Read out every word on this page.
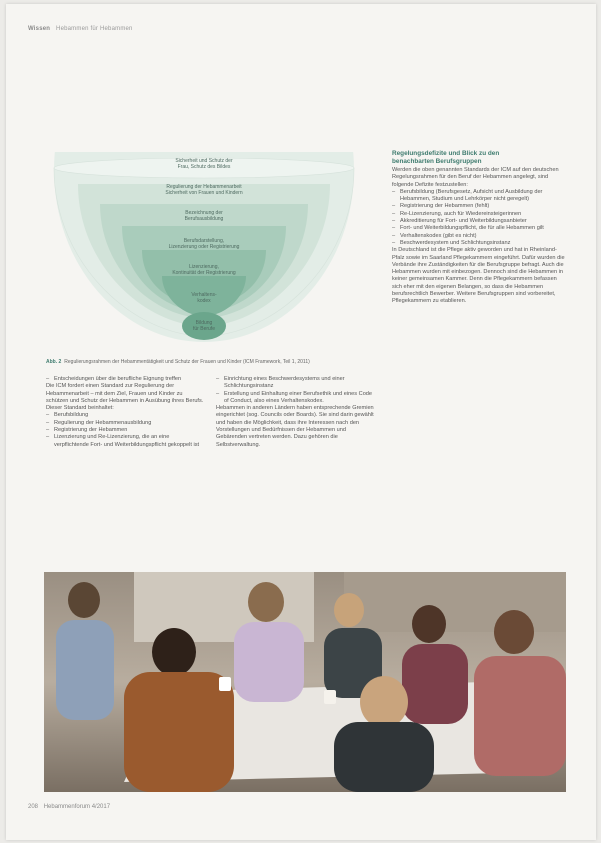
Wissen Hebammen für Hebammen
Sicherheit und Schutz der
Frau, Schutz des Bildes
Regulierung der Hebammenarbeit
Sicherheit von Frauen und Kindern
Bezeichnung der
Berufsausbildung
Berufsdarstellung,
Lizenzierung oder Registrierung
Lizenzierung,
Kontinuität der Registrierung
Verhaltens-
kodex
Bildung
für Berufe
Abb. 2 Regulierungsrahmen der Hebammentätigkeit und Schutz der Frauen und Kinder (ICM Framework, Teil 1, 2011)
– Entscheidungen über die berufliche Eignung treffen

Die ICM fordert einen Standard zur Regulierung der Hebammenarbeit – mit dem Ziel, Frauen und Kinder zu schützen und Schutz der Hebammen in Ausübung ihres Berufs. Dieser Standard beinhaltet:

– Berufsbildung
– Regulierung der Hebammenausbildung
– Registrierung der Hebammen
– Lizenzierung und Re-Lizenzierung, die an eine verpflichtende Fort- und Weiterbildungspflicht gekoppelt ist
– Einrichtung eines Beschwerdesystems und einer Schlichtungsinstanz
– Erstellung und Einhaltung einer Berufsethik und eines Code of Conduct, also eines Verhaltenskodex.

Hebammen in anderen Ländern haben entsprechende Gremien eingerichtet (sog. Councils oder Boards). Sie sind darin gewählt und haben die Möglichkeit, dass ihre Interessen nach den Vorstellungen und Bedürfnissen der Hebammen und Gebärenden vertreten werden. Dazu gehören die Selbstverwaltung.

Regelungsdefizite und Blick zu den
benachbarten Berufsgruppen

Werden die oben genannten Standards der ICM auf den deutschen Regelungsrahmen für den Beruf der Hebammen angelegt, sind folgende Defizite festzustellen:

– Berufsbildung (Berufsgesetz, Aufsicht und Ausbildung der Hebammen, Studium und Lehrkörper nicht geregelt)
– Registrierung der Hebammen (fehlt)
– Re-Lizenzierung, auch für Wiedereinsteigerinnen
– Akkreditierung für Fort- und Weiterbildungsanbieter
– Fort- und Weiterbildungspflicht, die für alle Hebammen gilt
– Verhaltenskodex (gibt es nicht)
– Beschwerdesystem und Schlichtungsinstanz

In Deutschland ist die Pflege aktiv geworden und hat in Rheinland-Pfalz sowie im Saarland Pflegekammern eingeführt. Dafür wurden die Verbände ihre Zuständigkeiten für die Berufsgruppe befragt. Auch die Hebammen wurden mit einbezogen. Dennoch sind die Hebammen in keiner gemeinsamen Kammer. Denn die Pflegekammern befassen sich eher mit den eigenen Belangen, so dass die Hebammen berufsrechtlich Bewerber. Weitere Berufsgruppen sind vorbereitet, Pflegekammern zu etablieren.

208 Hebammenforum 4/2017
